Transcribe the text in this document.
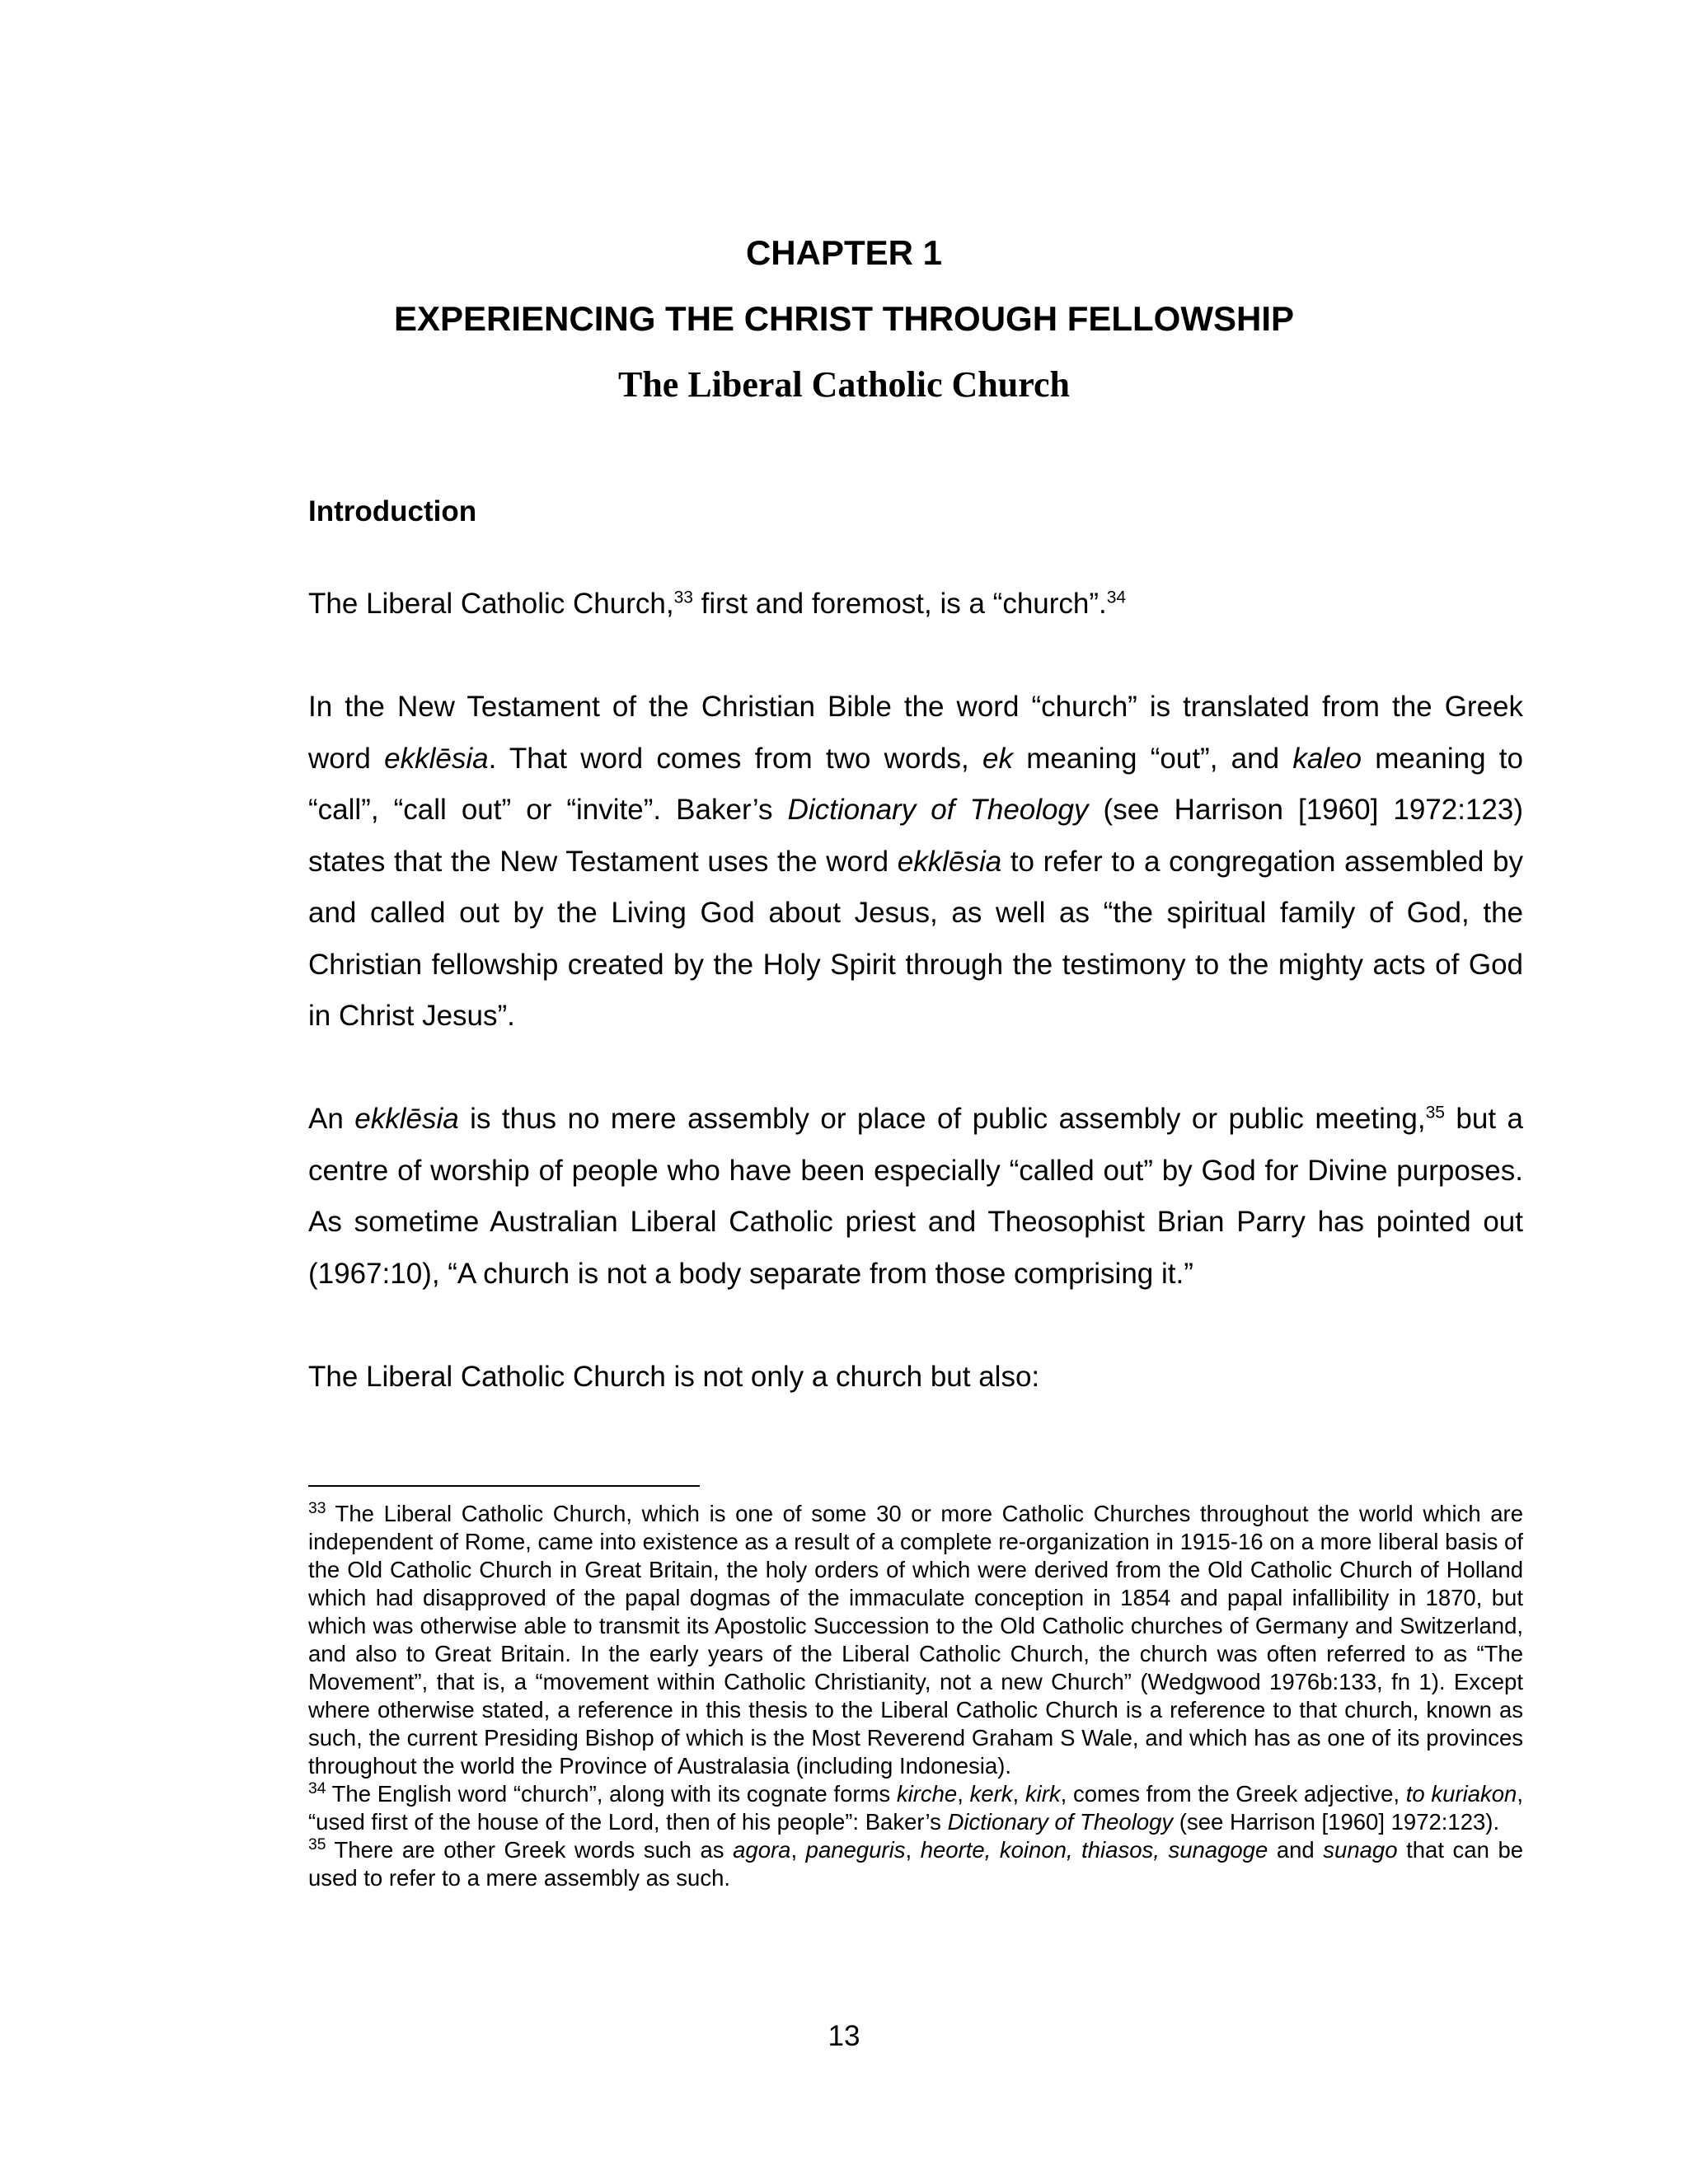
CHAPTER 1
EXPERIENCING THE CHRIST THROUGH FELLOWSHIP
The Liberal Catholic Church
Introduction
The Liberal Catholic Church,$^{33}$ first and foremost, is a “church”.$^{34}$
In the New Testament of the Christian Bible the word “church” is translated from the Greek word ekklēsia. That word comes from two words, ek meaning “out”, and kaleo meaning to “call”, “call out” or “invite”. Baker’s Dictionary of Theology (see Harrison [1960] 1972:123) states that the New Testament uses the word ekklēsia to refer to a congregation assembled by and called out by the Living God about Jesus, as well as “the spiritual family of God, the Christian fellowship created by the Holy Spirit through the testimony to the mighty acts of God in Christ Jesus”.
An ekklēsia is thus no mere assembly or place of public assembly or public meeting,$^{35}$ but a centre of worship of people who have been especially “called out” by God for Divine purposes. As sometime Australian Liberal Catholic priest and Theosophist Brian Parry has pointed out (1967:10), “A church is not a body separate from those comprising it.”
The Liberal Catholic Church is not only a church but also:

$^{33}$ The Liberal Catholic Church, which is one of some 30 or more Catholic Churches throughout the world which are independent of Rome, came into existence as a result of a complete re-organization in 1915-16 on a more liberal basis of the Old Catholic Church in Great Britain, the holy orders of which were derived from the Old Catholic Church of Holland which had disapproved of the papal dogmas of the immaculate conception in 1854 and papal infallibility in 1870, but which was otherwise able to transmit its Apostolic Succession to the Old Catholic churches of Germany and Switzerland, and also to Great Britain. In the early years of the Liberal Catholic Church, the church was often referred to as “The Movement”, that is, a “movement within Catholic Christianity, not a new Church” (Wedgwood 1976b:133, fn 1). Except where otherwise stated, a reference in this thesis to the Liberal Catholic Church is a reference to that church, known as such, the current Presiding Bishop of which is the Most Reverend Graham S Wale, and which has as one of its provinces throughout the world the Province of Australasia (including Indonesia).

$^{34}$ The English word “church”, along with its cognate forms kirche, kerk, kirk, comes from the Greek adjective, to kuriakon, “used first of the house of the Lord, then of his people”: Baker’s Dictionary of Theology (see Harrison [1960] 1972:123).

$^{35}$ There are other Greek words such as agora, paneguris, heorte, koinon, thiasos, sunagoge and sunago that can be used to refer to a mere assembly as such.

13
